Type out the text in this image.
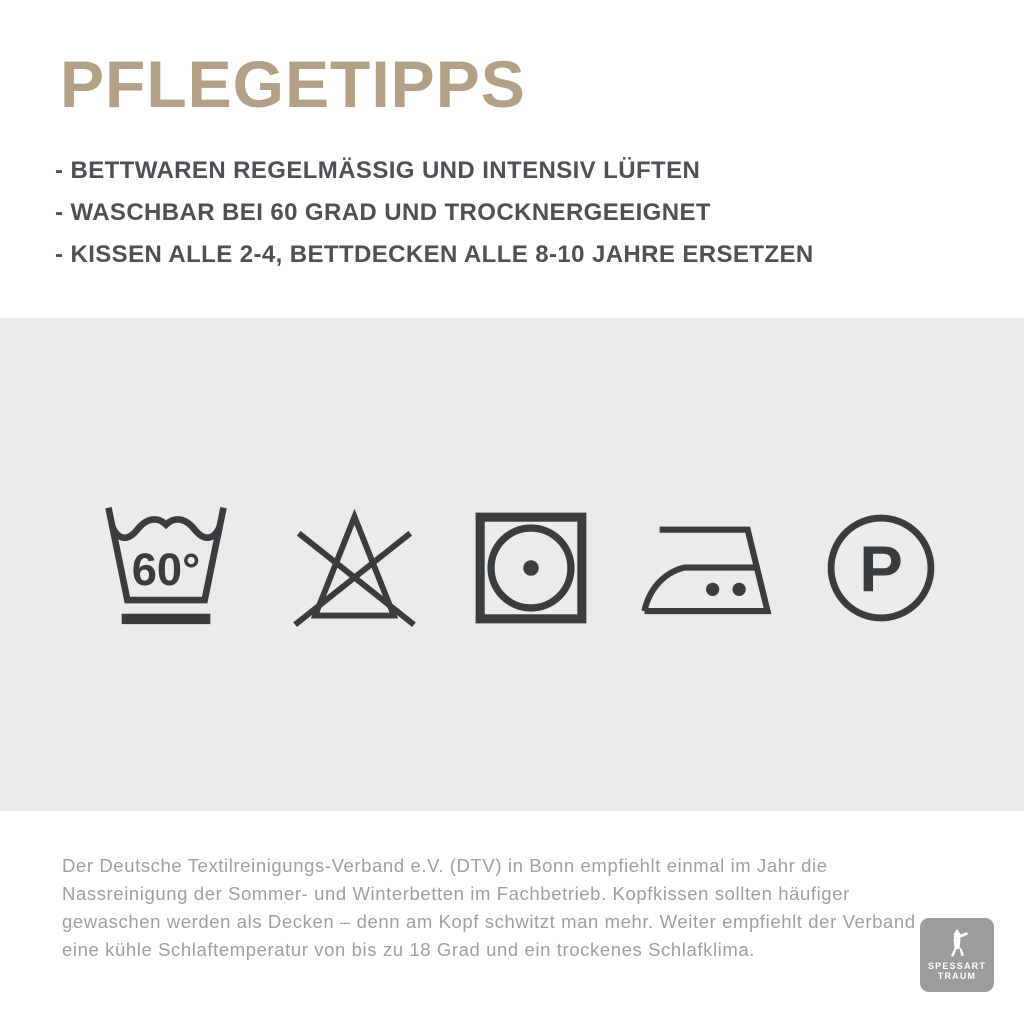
PFLEGETIPPS
- BETTWAREN REGELMÄSSIG UND INTENSIV LÜFTEN
- WASCHBAR BEI 60 GRAD UND TROCKNERGEEIGNET
- KISSEN ALLE 2-4, BETTDECKEN ALLE 8-10 JAHRE ERSETZEN
60°	P
Der Deutsche Textilreinigungs-Verband e.V. (DTV) in Bonn empfiehlt einmal im Jahr die
Nassreinigung der Sommer- und Winterbetten im Fachbetrieb. Kopfkissen sollten häufiger
gewaschen werden als Decken – denn am Kopf schwitzt man mehr. Weiter empfiehlt der Verband
eine kühle Schlaftemperatur von bis zu 18 Grad und ein trockenes Schlafklima.
SPESSART
TRAUM
